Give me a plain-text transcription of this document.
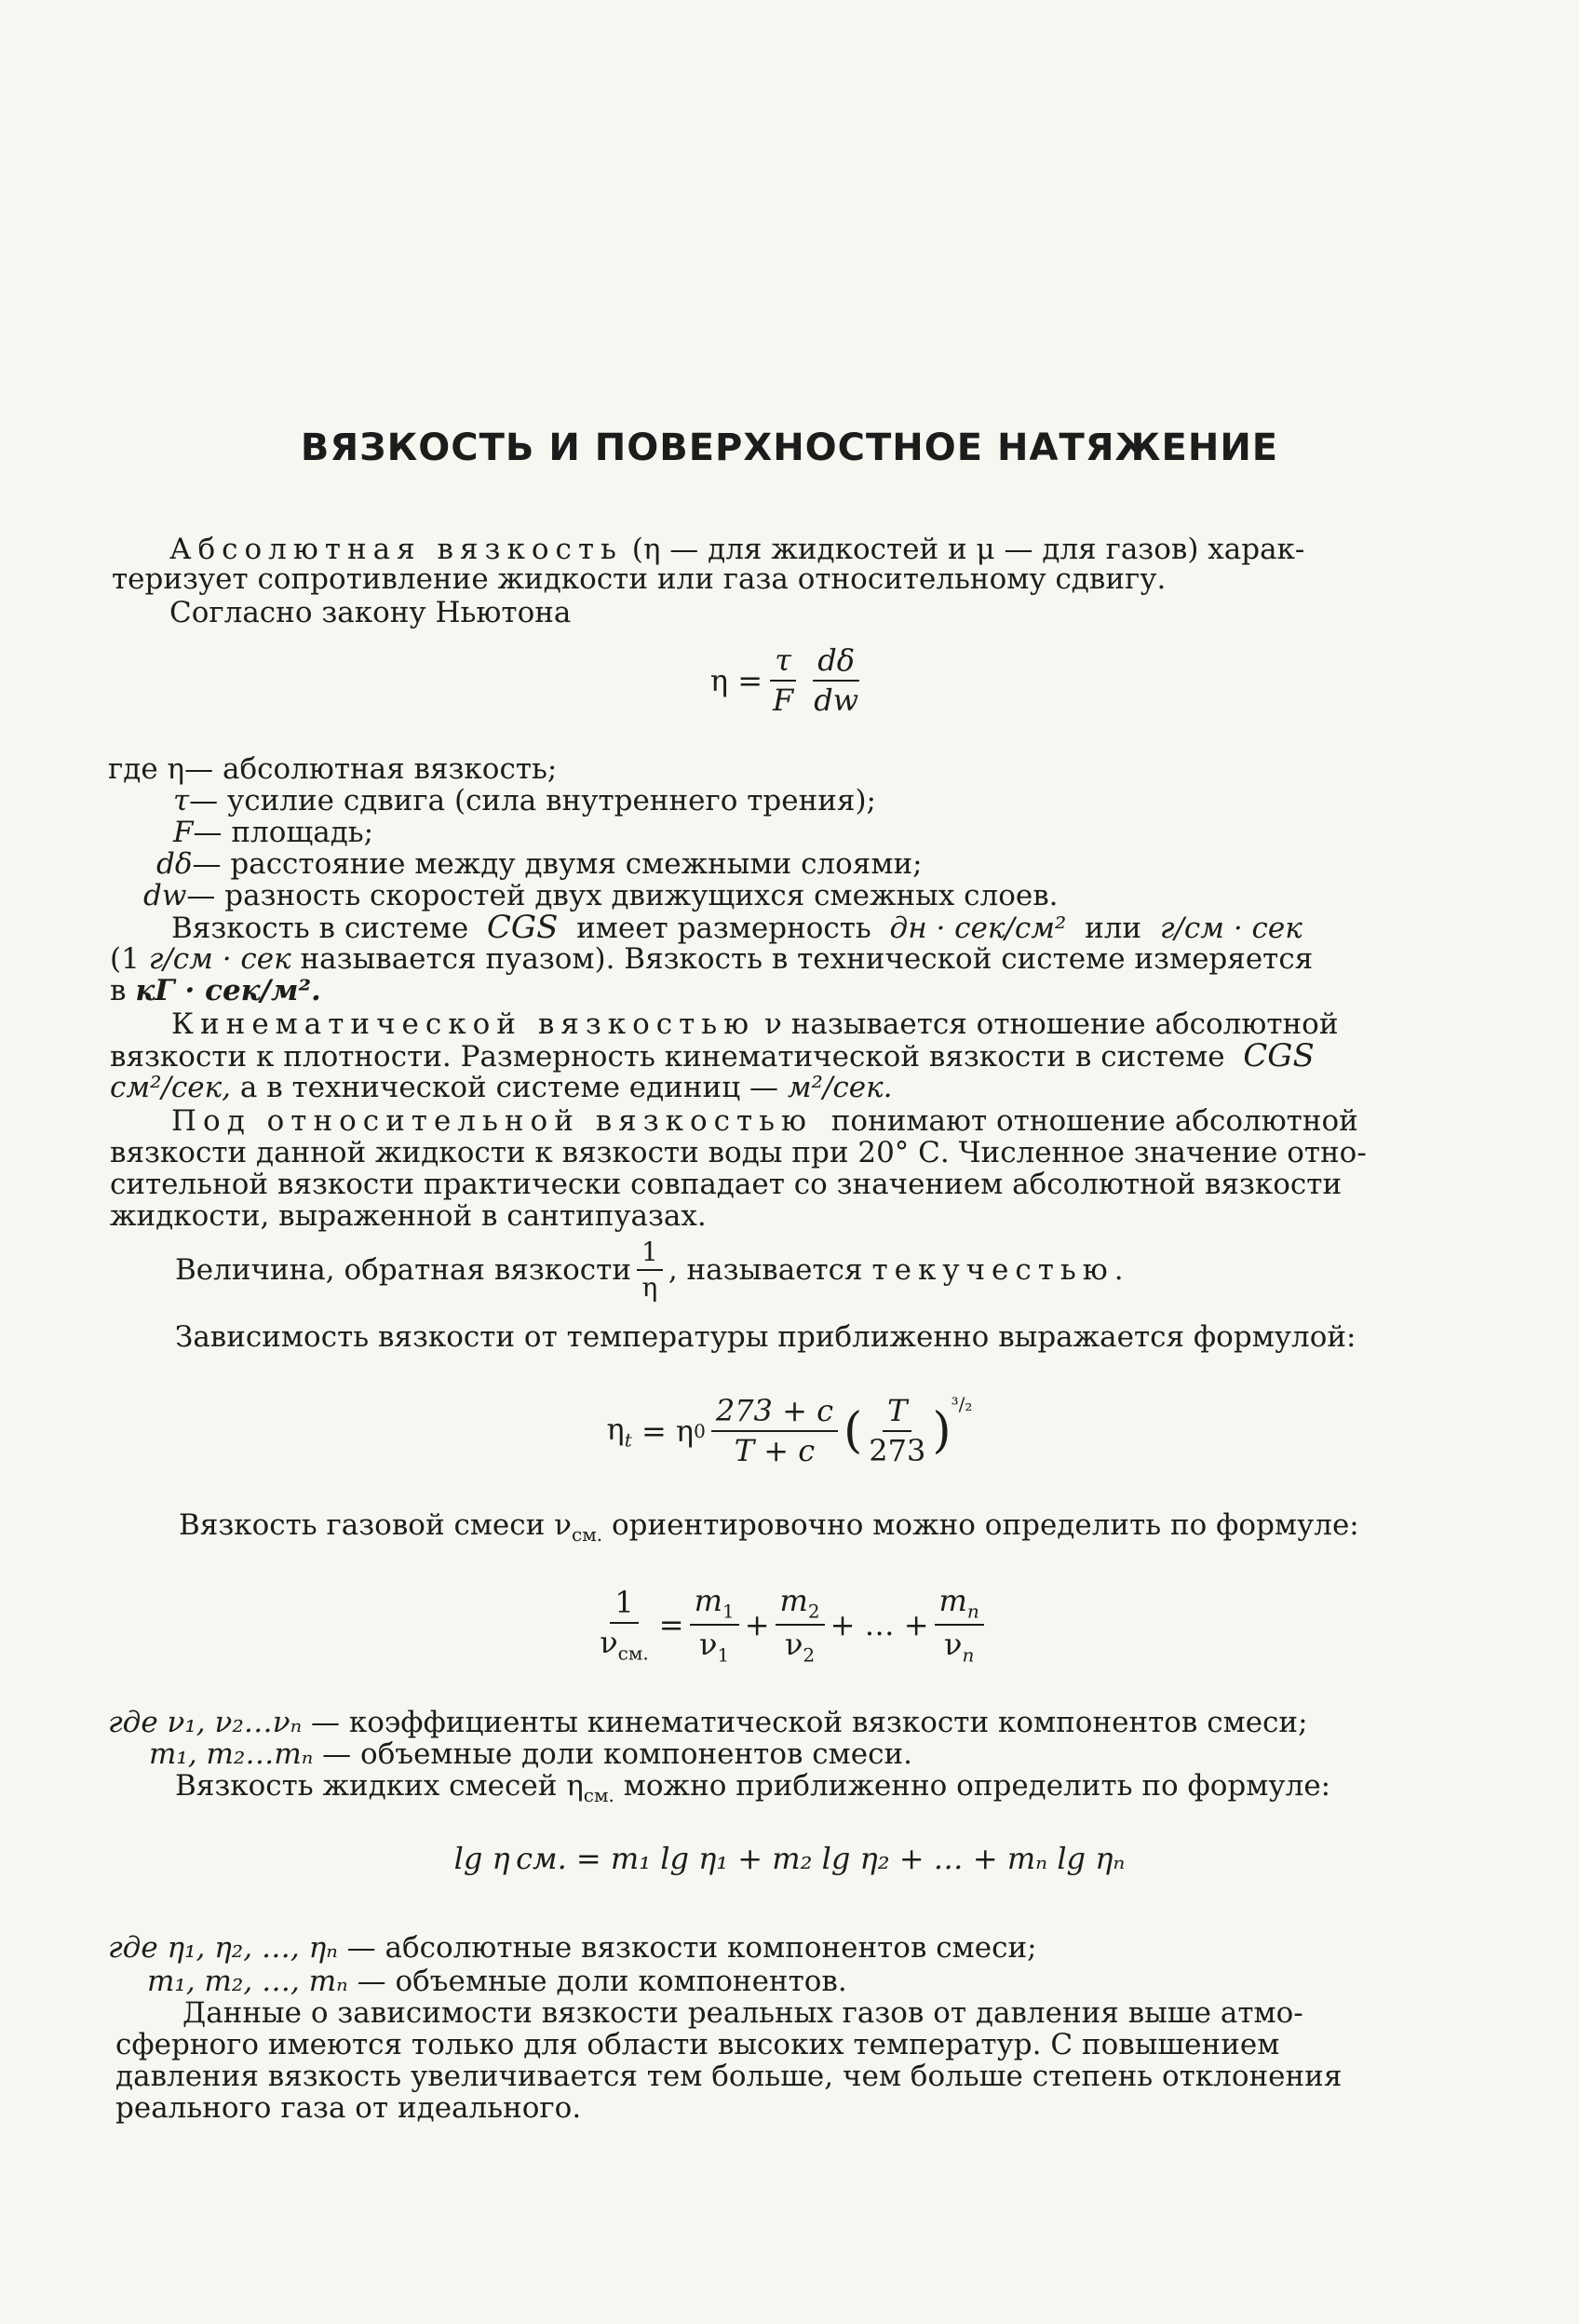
ВЯЗКОСТЬ И ПОВЕРХНОСТНОЕ НАТЯЖЕНИЕ

Абсолютная вязкость (η — для жидкостей и μ — для газов) харак-

теризует сопротивление жидкости или газа относительному сдвигу.

Согласно закону Ньютона

$\eta = \frac{\tau}{F} \frac{d\delta}{dw}$

где η— абсолютная вязкость;

τ— усилие сдвига (сила внутреннего трения);

F— площадь;

dδ— расстояние между двумя смежными слоями;

dw— разность скоростей двух движущихся смежных слоев.

Вязкость в системе CGS имеет размерность дн · сек/см² или г/см · сек

(1 г/см · сек называется пуазом). Вязкость в технической системе измеряется

в кГ · сек/м².

Кинематической вязкостью ν называется отношение абсолютной

вязкости к плотности. Размерность кинематической вязкости в системе CGS

см²/сек, а в технической системе единиц — м²/сек.

Под относительной вязкостью понимают отношение абсолютной

вязкости данной жидкости к вязкости воды при 20° С. Численное значение отно-

сительной вязкости практически совпадает со значением абсолютной вязкости

жидкости, выраженной в сантипуазах.

Величина, обратная вязкости $\frac{1}{\eta}$ , называется
текучестью.

Зависимость вязкости от температуры приближенно выражается формулой:

$\eta_t$
= η $0 \frac{273 + c}{T + c}$ ( $\frac{T}{273} )^{^3/_2}$

Вязкость газовой смеси $\nu_{см.}$ ориентировочно можно определить по формуле:

$\frac{1}{\nu_{см.}} = \frac{m_1}{\nu_1} + \frac{m_2}{\nu_2}$ + … + $\frac{m_n}{\nu_n}$

где ν₁, ν₂…νₙ — коэффициенты кинематической вязкости компонентов смеси;

m₁, m₂…mₙ — объемные доли компонентов смеси.

Вязкость жидких смесей $\eta_{см.}$ можно приближенно определить по формуле:

lg η см. = m₁ lg η₁ + m₂ lg η₂ + … + mₙ lg ηₙ

где η₁, η₂, …, ηₙ — абсолютные вязкости компонентов смеси;

m₁, m₂, …, mₙ — объемные доли компонентов.

Данные о зависимости вязкости реальных газов от давления выше атмо-

сферного имеются только для области высоких температур. С повышением

давления вязкость увеличивается тем больше, чем больше степень отклонения

реального газа от идеального.
